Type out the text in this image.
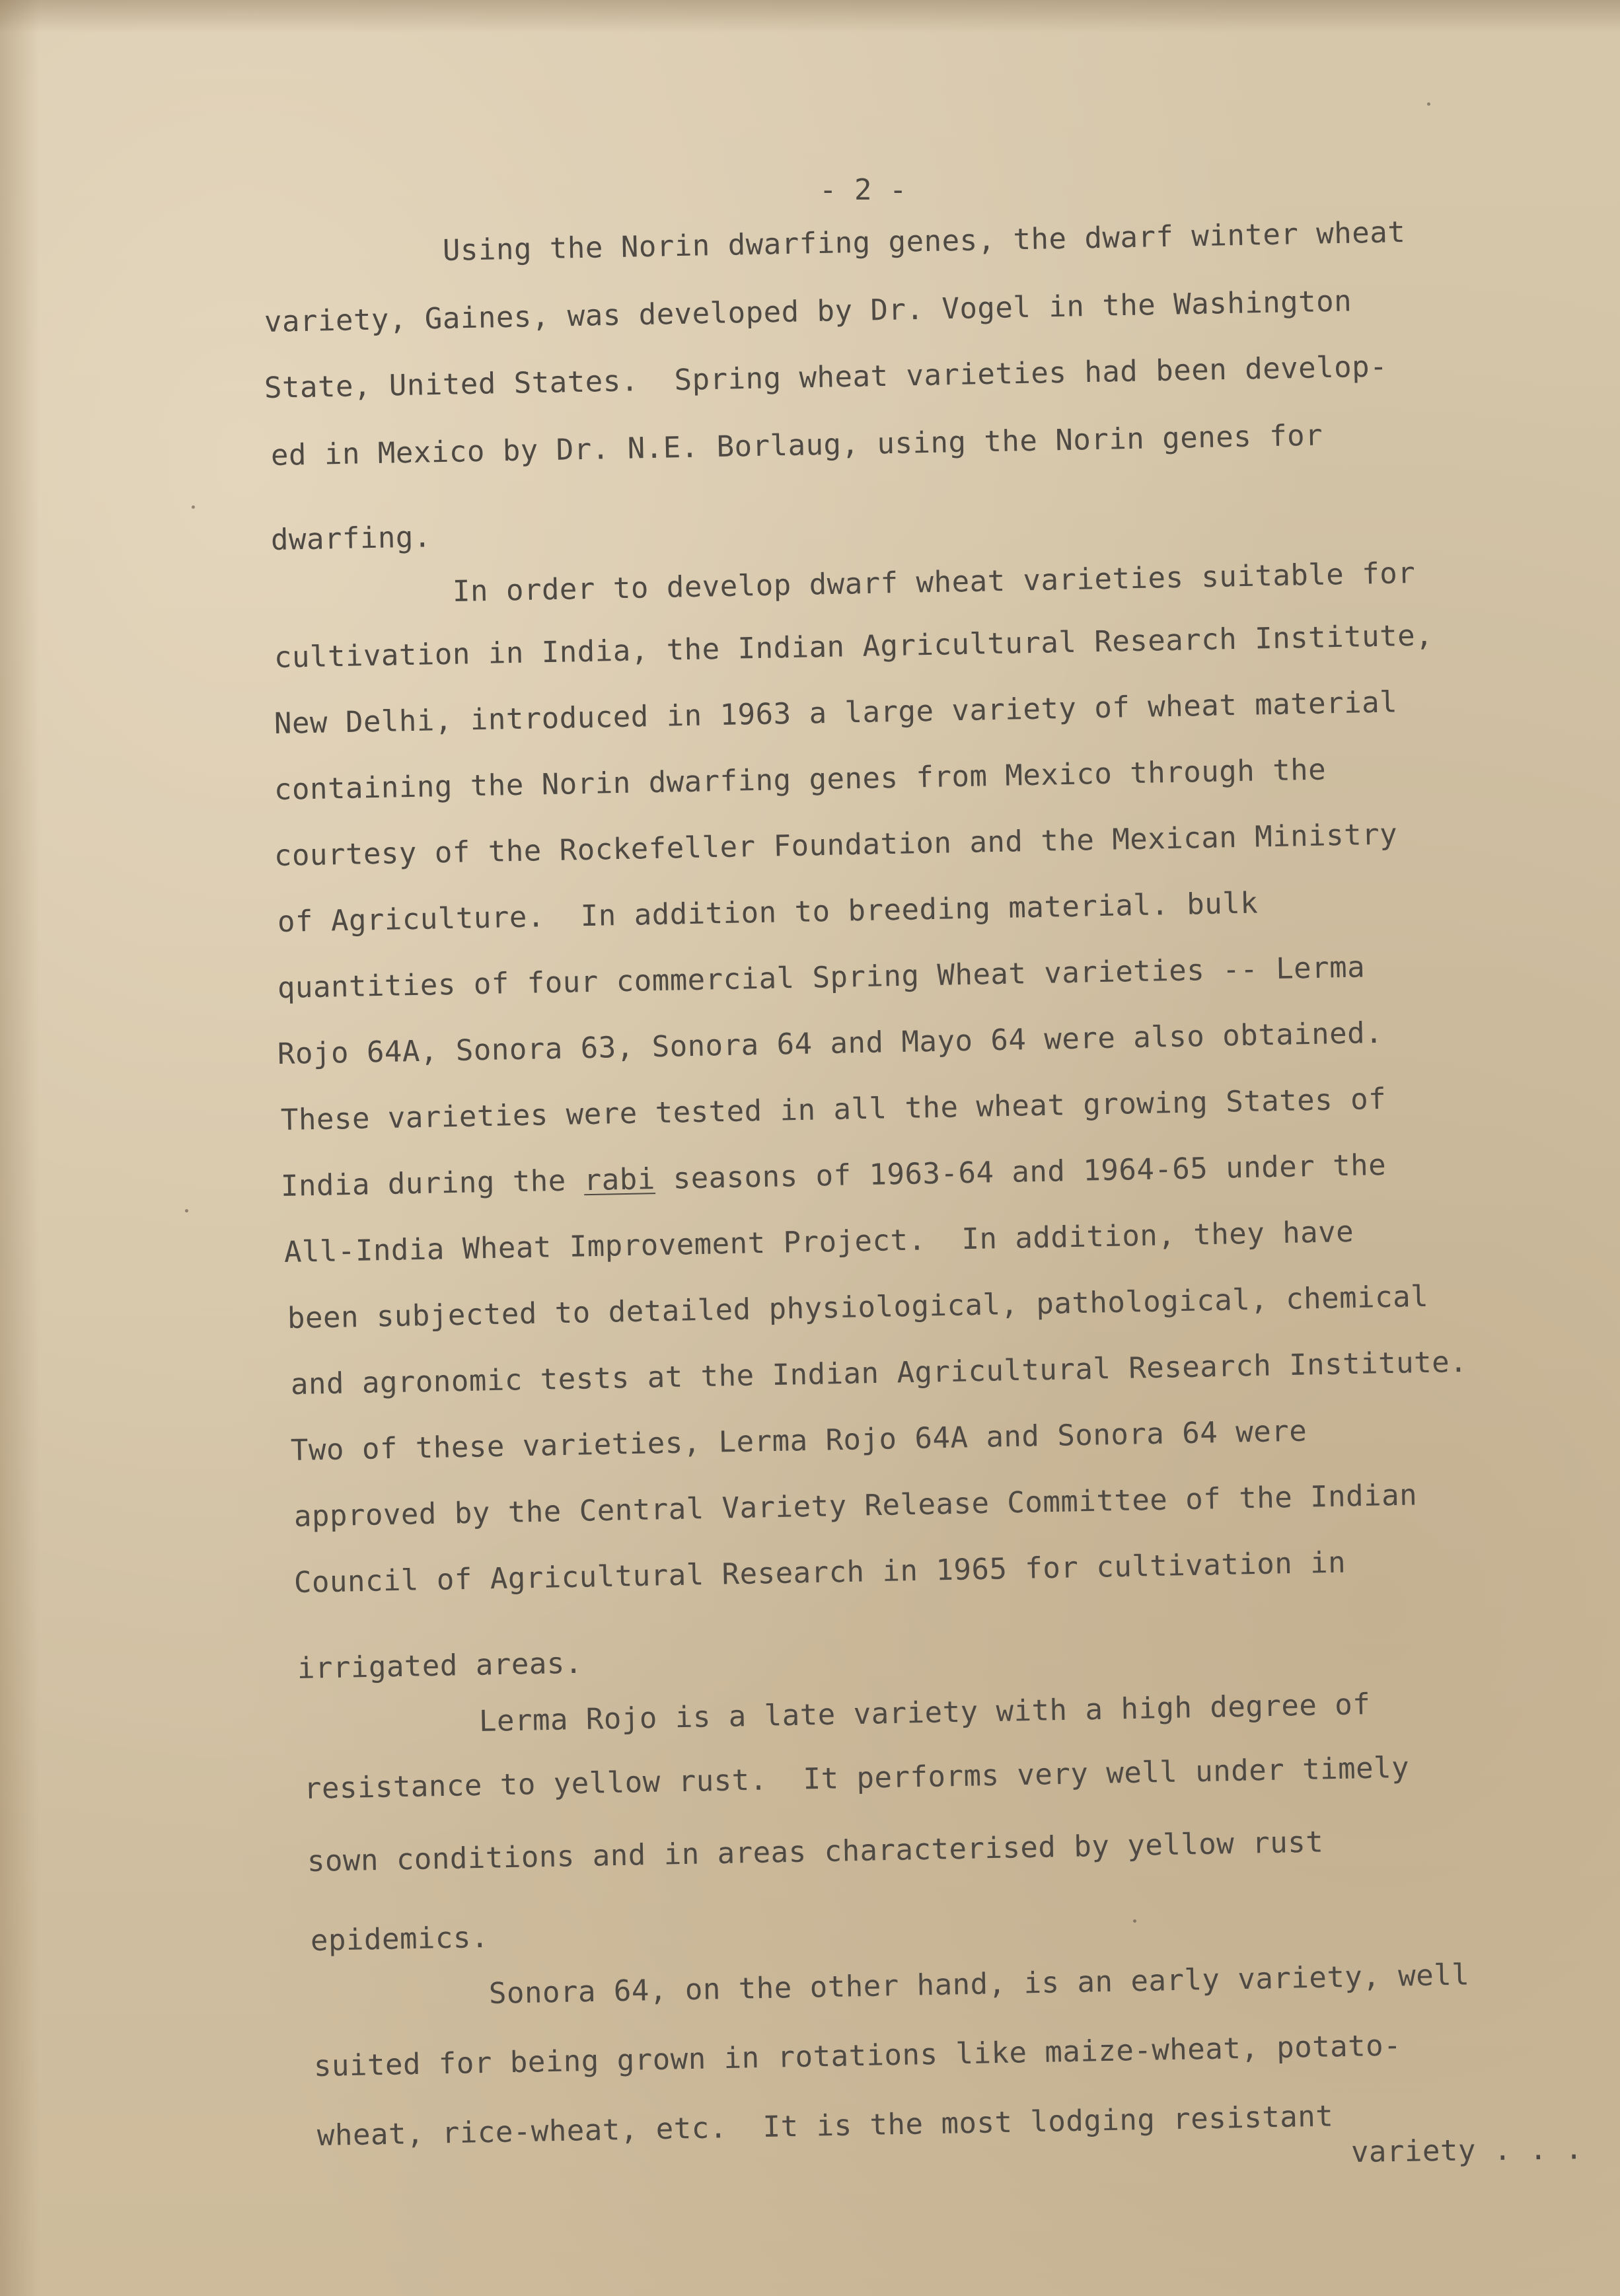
- 2 -
Using the Norin dwarfing genes, the dwarf winter wheat
variety, Gaines, was developed by Dr. Vogel in the Washington
State, United States.  Spring wheat varieties had been develop-
ed in Mexico by Dr. N.E. Borlaug, using the Norin genes for
dwarfing.
In order to develop dwarf wheat varieties suitable for
cultivation in India, the Indian Agricultural Research Institute,
New Delhi, introduced in 1963 a large variety of wheat material
containing the Norin dwarfing genes from Mexico through the
courtesy of the Rockefeller Foundation and the Mexican Ministry
of Agriculture.  In addition to breeding material. bulk
quantities of four commercial Spring Wheat varieties -- Lerma
Rojo 64A, Sonora 63, Sonora 64 and Mayo 64 were also obtained.
These varieties were tested in all the wheat growing States of
India during the rabi seasons of 1963-64 and 1964-65 under the
All-India Wheat Improvement Project.  In addition, they have
been subjected to detailed physiological, pathological, chemical
and agronomic tests at the Indian Agricultural Research Institute.
Two of these varieties, Lerma Rojo 64A and Sonora 64 were
approved by the Central Variety Release Committee of the Indian
Council of Agricultural Research in 1965 for cultivation in
irrigated areas.
Lerma Rojo is a late variety with a high degree of
resistance to yellow rust.  It performs very well under timely
sown conditions and in areas characterised by yellow rust
epidemics.
Sonora 64, on the other hand, is an early variety, well
suited for being grown in rotations like maize-wheat, potato-
wheat, rice-wheat, etc.  It is the most lodging resistant variety . . .
